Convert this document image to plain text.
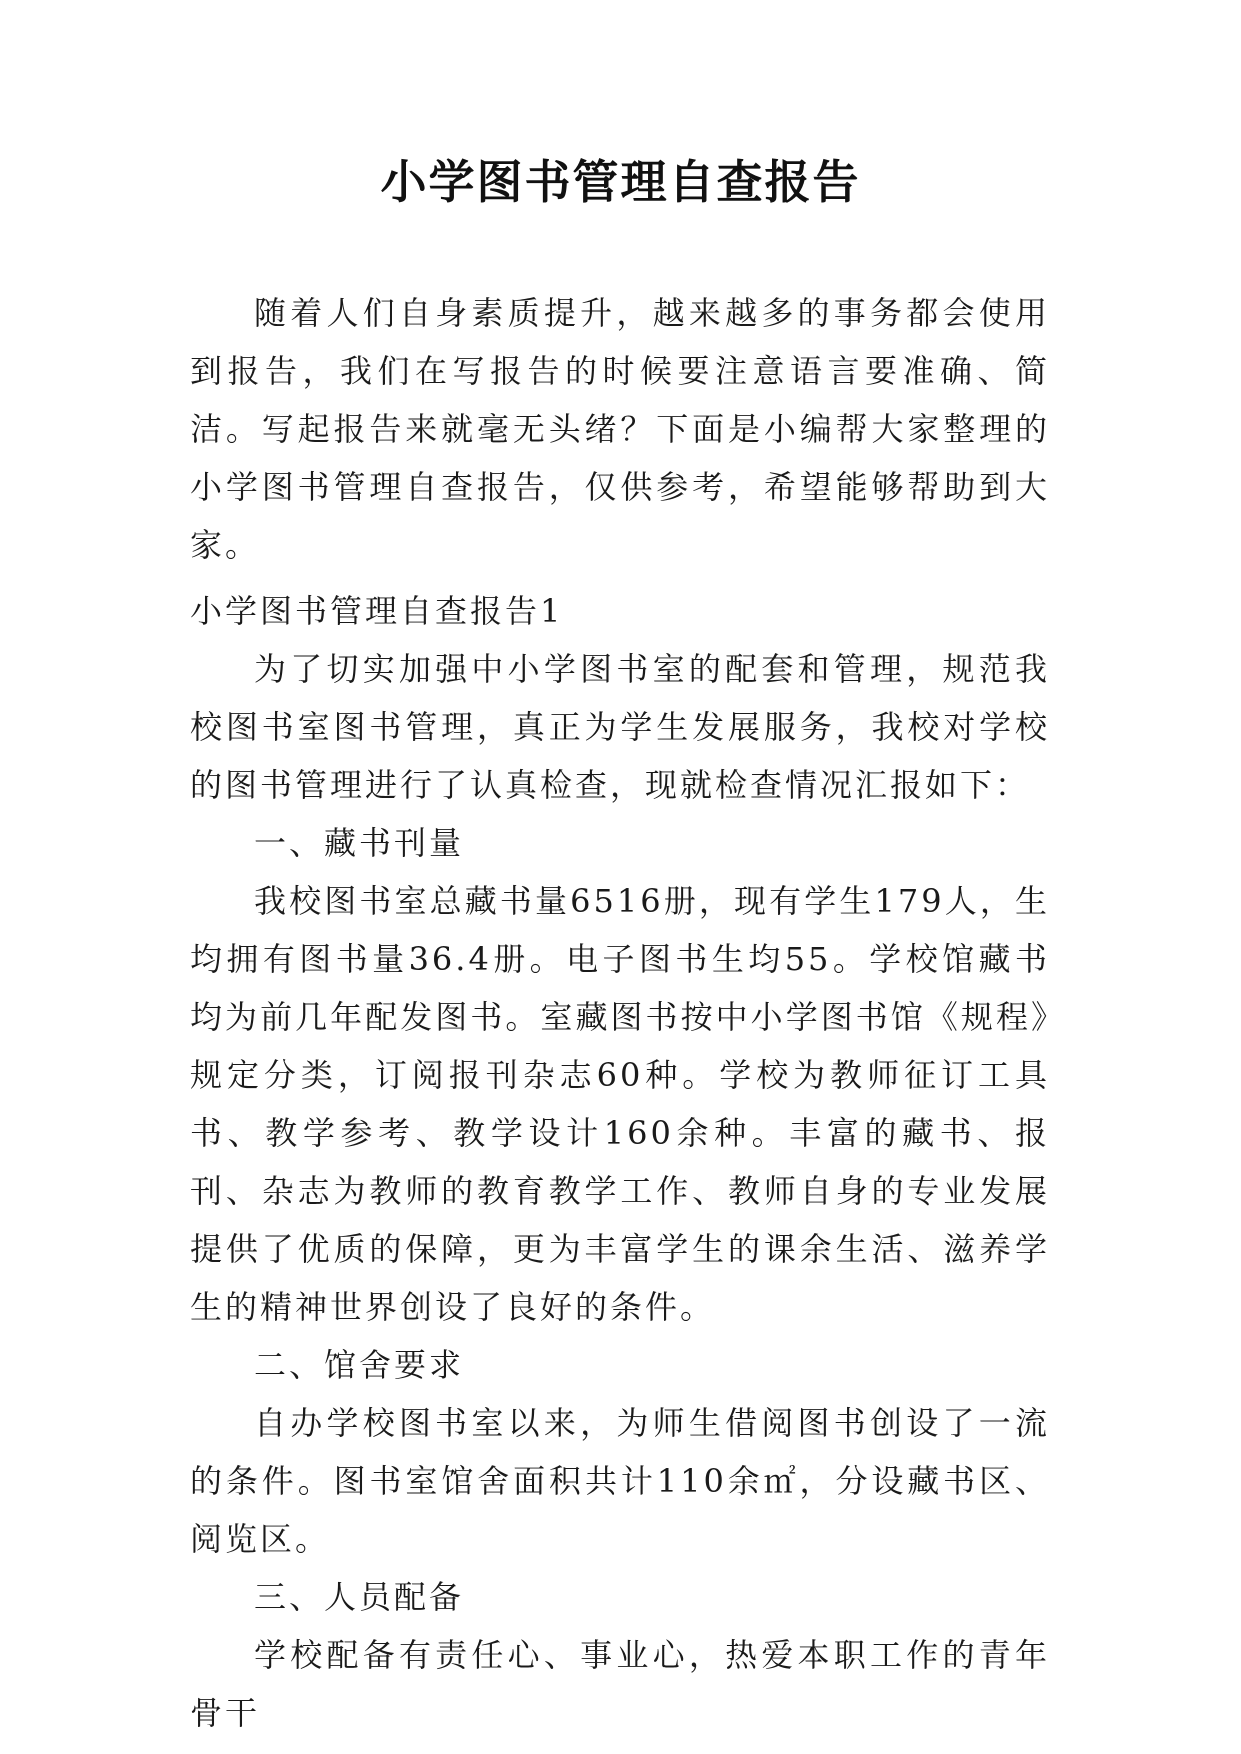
小学图书管理自查报告

随着人们自身素质提升，越来越多的事务都会使用到报告，我们在写报告的时候要注意语言要准确、简洁。写起报告来就毫无头绪？下面是小编帮大家整理的小学图书管理自查报告，仅供参考，希望能够帮助到大家。

小学图书管理自查报告1

为了切实加强中小学图书室的配套和管理，规范我校图书室图书管理，真正为学生发展服务，我校对学校的图书管理进行了认真检查，现就检查情况汇报如下：

一、藏书刊量

我校图书室总藏书量6516册，现有学生179人，生均拥有图书量36.4册。电子图书生均55。学校馆藏书均为前几年配发图书。室藏图书按中小学图书馆《规程》规定分类，订阅报刊杂志60种。学校为教师征订工具书、教学参考、教学设计160余种。丰富的藏书、报刊、杂志为教师的教育教学工作、教师自身的专业发展提供了优质的保障，更为丰富学生的课余生活、滋养学生的精神世界创设了良好的条件。

二、馆舍要求

自办学校图书室以来，为师生借阅图书创设了一流的条件。图书室馆舍面积共计110余㎡，分设藏书区、阅览区。

三、人员配备

学校配备有责任心、事业心，热爱本职工作的青年骨干
